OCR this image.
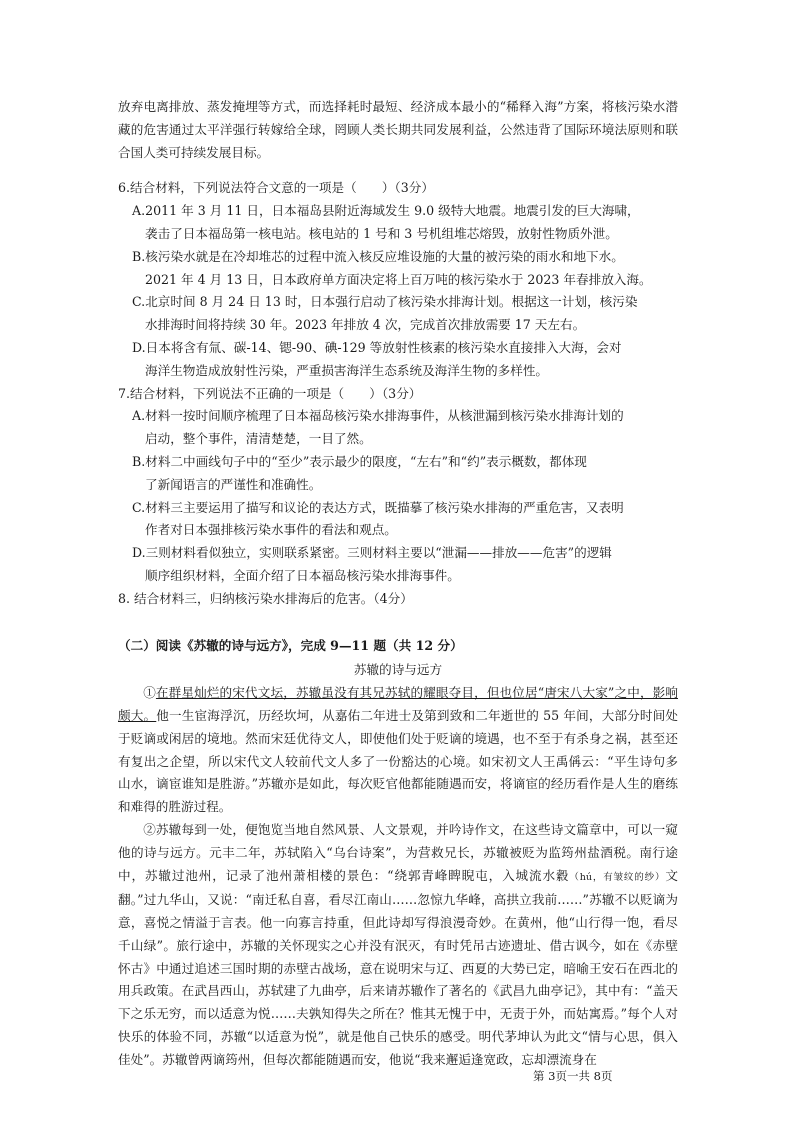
放弃电离排放、蒸发掩埋等方式，而选择耗时最短、经济成本最小的“稀释入海”方案，将核污染水潜藏的危害通过太平洋强行转嫁给全球，罔顾人类长期共同发展利益，公然违背了国际环境法原则和联合国人类可持续发展目标。

6.结合材料，下列说法符合文意的一项是（　　）（3分）

A.2011 年 3 月 11 日，日本福岛县附近海域发生 9.0 级特大地震。地震引发的巨大海啸，
袭击了日本福岛第一核电站。核电站的 1 号和 3 号机组堆芯熔毁，放射性物质外泄。

B.核污染水就是在冷却堆芯的过程中流入核反应堆设施的大量的被污染的雨水和地下水。
2021 年 4 月 13 日，日本政府单方面决定将上百万吨的核污染水于 2023 年春排放入海。

C.北京时间 8 月 24 日 13 时，日本强行启动了核污染水排海计划。根据这一计划，核污染
水排海时间将持续 30 年。2023 年排放 4 次，完成首次排放需要 17 天左右。

D.日本将含有氚、碳-14、锶-90、碘-129 等放射性核素的核污染水直接排入大海，会对
海洋生物造成放射性污染，严重损害海洋生态系统及海洋生物的多样性。

7.结合材料，下列说法不正确的一项是（　　）（3分）

A.材料一按时间顺序梳理了日本福岛核污染水排海事件，从核泄漏到核污染水排海计划的
启动，整个事件，清清楚楚，一目了然。

B.材料二中画线句子中的“至少”表示最少的限度，“左右”和“约”表示概数，都体现
了新闻语言的严谨性和准确性。

C.材料三主要运用了描写和议论的表达方式，既描摹了核污染水排海的严重危害，又表明
作者对日本强排核污染水事件的看法和观点。

D.三则材料看似独立，实则联系紧密。三则材料主要以“泄漏——排放——危害”的逻辑
顺序组织材料，全面介绍了日本福岛核污染水排海事件。

8. 结合材料三，归纳核污染水排海后的危害。（4分）

（二）阅读《苏辙的诗与远方》，完成 9—11 题（共 12 分）

苏辙的诗与远方

①在群星灿烂的宋代文坛，苏辙虽没有其兄苏轼的耀眼夺目，但也位居“唐宋八大家”之中，影响颇大。他一生宦海浮沉，历经坎坷，从嘉佑二年进士及第到致和二年逝世的 55 年间，大部分时间处于贬谪或闲居的境地。然而宋廷优待文人，即使他们处于贬谪的境遇，也不至于有杀身之祸，甚至还有复出之企望，所以宋代文人较前代文人多了一份豁达的心境。如宋初文人王禹偁云：“平生诗句多山水，谪宦谁知是胜游。”苏辙亦是如此，每次贬官他都能随遇而安，将谪宦的经历看作是人生的磨练和难得的胜游过程。

②苏辙每到一处，便饱览当地自然风景、人文景观，并吟诗作文，在这些诗文篇章中，可以一窥他的诗与远方。元丰二年，苏轼陷入“乌台诗案”，为营救兄长，苏辙被贬为监筠州盐酒税。南行途中，苏辙过池州，记录了池州萧相楼的景色：“绕郭青峰睥睨屯，入城流水縠（hú，有皱纹的纱）文翻。”过九华山，又说：“南迁私自喜，看尽江南山……忽惊九华峰，高拱立我前……”苏辙不以贬谪为意，喜悦之情溢于言表。他一向寡言持重，但此诗却写得浪漫奇妙。在黄州，他“山行得一饱，看尽千山绿”。旅行途中，苏辙的关怀现实之心并没有泯灭，有时凭吊古迹遗址、借古讽今，如在《赤壁怀古》中通过追述三国时期的赤壁古战场，意在说明宋与辽、西夏的大势已定，暗喻王安石在西北的用兵政策。在武昌西山，苏轼建了九曲亭，后来请苏辙作了著名的《武昌九曲亭记》，其中有：“盖天下之乐无穷，而以适意为悦……夫孰知得失之所在？惟其无愧于中，无责于外，而姑寓焉。”每个人对快乐的体验不同，苏辙“以适意为悦”，就是他自己快乐的感受。明代茅坤认为此文“情与心思，俱入佳处”。苏辙曾两谪筠州，但每次都能随遇而安，他说“我来邂逅逢宽政，忘却漂流身在

第 3页一共 8页
